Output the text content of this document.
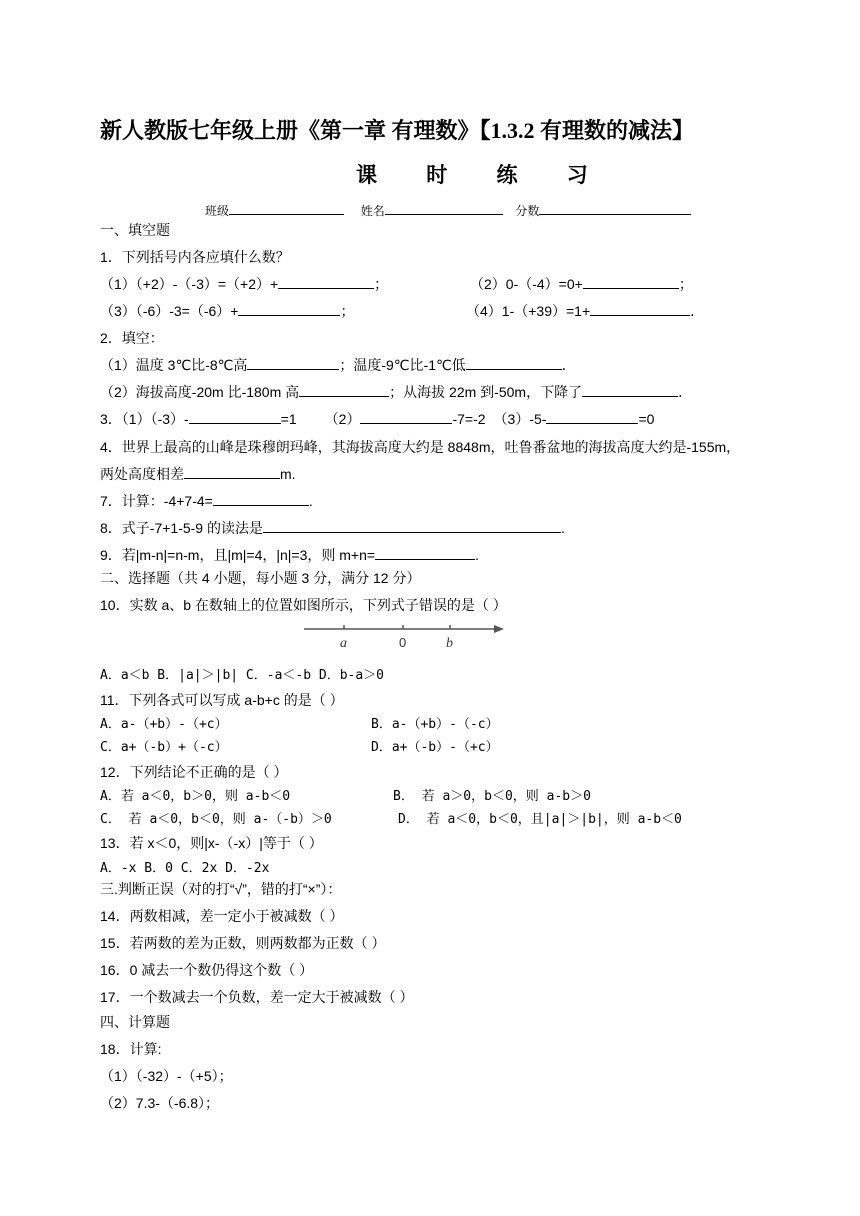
新人教版七年级上册《第一章 有理数》【1.3.2 有理数的减法】
课 时 练 习
班级	姓名	分数
一、填空题
1．下列括号内各应填什么数？
（1）（+2）-（-3）=（+2）+	；	（2）0-（-4）=0+	；
（3）（-6）-3=（-6）+	；	（4）1-（+39）=1+	．
2．填空：
（1）温度 3℃比-8℃高	；温度-9℃比-1℃低	．
（2）海拔高度-20m 比-180m 高	；从海拔 22m 到-50m，下降了	．
3．（1）（-3）-	=1 （2）	-7=-2 （3）-5-	=0
4．世界上最高的山峰是珠穆朗玛峰，其海拔高度大约是 8848m，吐鲁番盆地的海拔高度大约是-155m，
两处高度相差	m.
7．计算：-4+7-4=	.
8．式子-7+1-5-9 的读法是	.
9．若|m-n|=n-m，且|m|=4，|n|=3，则 m+n=	.
二、选择题（共 4 小题，每小题 3 分，满分 12 分）
10．实数 a、b 在数轴上的位置如图所示，下列式子错误的是（ ）
a	0	b
A．a＜b B．|a|＞|b| C．-a＜-b D．b-a＞0
11．下列各式可以写成 a-b+c 的是（ ）
A．a-（+b）-（+c）	B．a-（+b）-（-c）
C．a+（-b）+（-c）	D．a+（-b）-（+c）
12．下列结论不正确的是（ ）
A．若 a＜0，b＞0，则 a-b＜0	B． 若 a＞0，b＜0，则 a-b＞0
C． 若 a＜0，b＜0，则 a-（-b）＞0	D． 若 a＜0，b＜0，且|a|＞|b|，则 a-b＜0
13．若 x＜0，则|x-（-x）|等于（ ）
A．-x B．0 C．2x D．-2x
三.判断正误（对的打“√”，错的打“×”）：
14．两数相减，差一定小于被减数（ ）
15．若两数的差为正数，则两数都为正数（ ）
16．0 减去一个数仍得这个数（ ）
17．一个数减去一个负数，差一定大于被减数（ ）
四、计算题
18．计算:
（1）（-32）-（+5）；
（2）7.3-（-6.8）；
